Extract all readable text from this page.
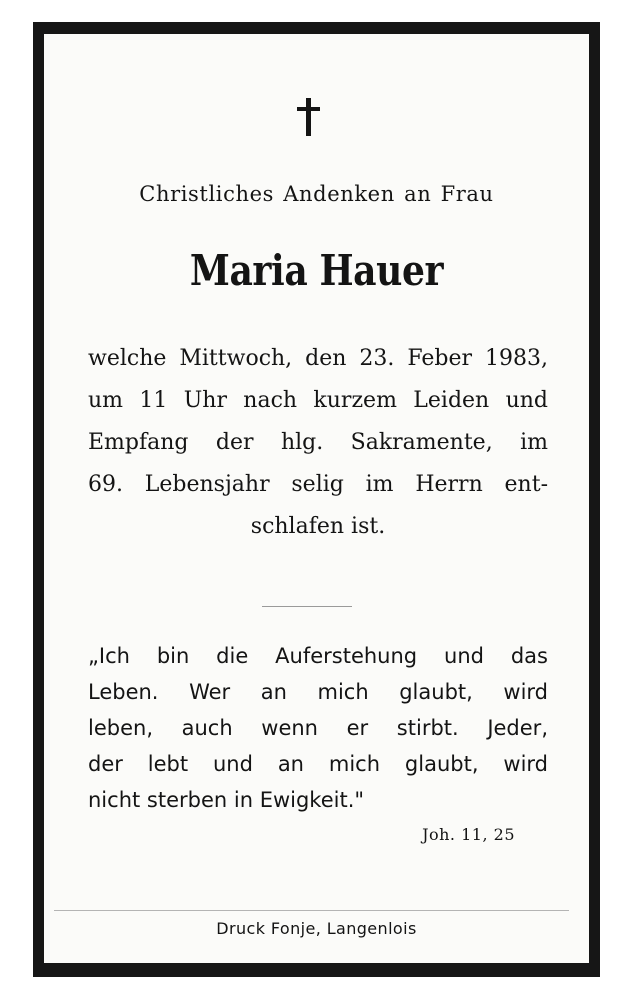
Christliches Andenken an Frau
Maria Hauer
welche Mittwoch, den 23. Feber 1983,
um 11 Uhr nach kurzem Leiden und
Empfang der hlg. Sakramente, im
69. Lebensjahr selig im Herrn ent-
schlafen ist.
„Ich bin die Auferstehung und das
Leben. Wer an mich glaubt, wird
leben, auch wenn er stirbt. Jeder,
der lebt und an mich glaubt, wird
nicht sterben in Ewigkeit."
Joh. 11, 25
Druck Fonje, Langenlois
